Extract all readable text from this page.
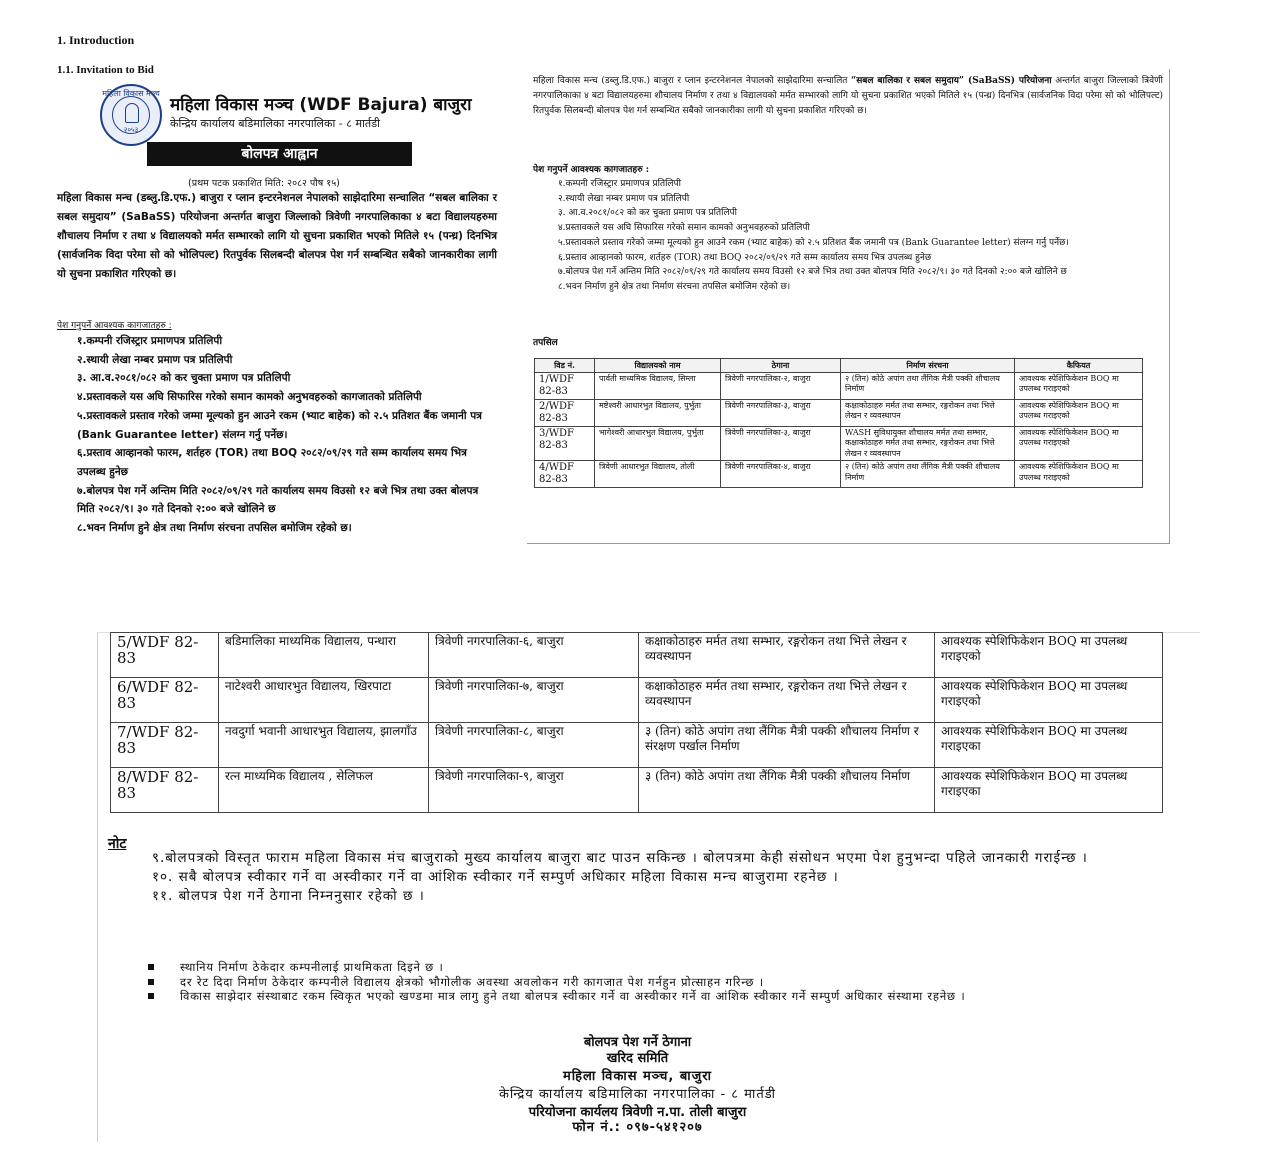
1. Introduction
1.1. Invitation to Bid
महिला विकास मञ्च
२०५३
महिला विकास मञ्च (WDF Bajura) बाजुरा
केन्द्रिय कार्यालय बडिमालिका नगरपालिका - ८ मार्तडी
बोलपत्र आह्वान
(प्रथम पटक प्रकाशित मिति: २०८२ पौष १५)
महिला विकास मन्च (डब्लु.डि.एफ.) बाजुरा र प्लान इन्टरनेशनल नेपालको साझेदारिमा सन्चालित “सबल बालिका र सबल समुदाय” (SaBaSS) परियोजना अन्तर्गत बाजुरा जिल्लाको त्रिवेणी नगरपालिकाका ४ बटा विद्यालयहरुमा शौचालय निर्माण र तथा ४ विद्यालयको मर्मत सम्भारको लागि यो सुचना प्रकाशित भएको मितिले १५ (पन्ध्र) दिनभित्र (सार्वजनिक विदा परेमा सो को भोलिपल्ट) रितपुर्वक सिलबन्दी बोलपत्र पेश गर्न सम्बन्धित सबैको जानकारीका लागी यो सुचना प्रकाशित गरिएको छ।
पेश गनुपर्ने आवश्यक कागजातहरु :
१.कम्पनी रजिस्ट्रार प्रमाणपत्र प्रतिलिपी
२.स्थायी लेखा नम्बर प्रमाण पत्र प्रतिलिपी
३. आ.व.२०८१/०८२ को कर चुक्ता प्रमाण पत्र प्रतिलिपी
४.प्रस्तावकले यस अघि सिफारिस गरेको समान कामको अनुभवहरुको कागजातको प्रतिलिपी
५.प्रस्तावकले प्रस्ताव गरेको जम्मा मूल्यको हुन आउने रकम (भ्याट बाहेक) को २.५ प्रतिशत बैंक जमानी पत्र (Bank Guarantee letter) संलग्न गर्नु पर्नेछ।
६.प्रस्ताव आव्हानको फारम, शर्तहरु (TOR) तथा BOQ २०८२/०९/२९ गते सम्म कार्यालय समय भित्र उपलब्ध हुनेछ
७.बोलपत्र पेश गर्ने अन्तिम मिति २०८२/०९/२९ गते कार्यालय समय विउसो १२ बजे भित्र तथा उक्त बोलपत्र मिति २०८२/९। ३० गते दिनको २:०० बजे खोलिने छ
८.भवन निर्माण हुने क्षेत्र तथा निर्माण संरचना तपसिल बमोजिम रहेको छ।
महिला विकास मन्च (डब्लु.डि.एफ.) बाजुरा र प्लान इन्टरनेशनल नेपालको साझेदारिमा सन्चालित “सबल बालिका र सबल समुदाय” (SaBaSS) परियोजना अन्तर्गत बाजुरा जिल्लाको त्रिवेणी नगरपालिकाका ४ बटा विद्यालयहरुमा शौचालय निर्माण र तथा ४ विद्यालयको मर्मत सम्भारको लागि यो सुचना प्रकाशित भएको मितिले १५ (पन्ध्र) दिनभित्र (सार्वजनिक विदा परेमा सो को भोलिपल्ट) रितपुर्वक सिलबन्दी बोलपत्र पेश गर्न सम्बन्धित सबैको जानकारीका लागी यो सुचना प्रकाशित गरिएको छ।
पेश गनुपर्ने आवश्यक कागजातहरु :
१.कम्पनी रजिस्ट्रार प्रमाणपत्र प्रतिलिपी
२.स्थायी लेखा नम्बर प्रमाण पत्र प्रतिलिपी
३. आ.व.२०८१/०८२ को कर चुक्ता प्रमाण पत्र प्रतिलिपी
४.प्रस्तावकले यस अघि सिफारिस गरेको समान कामको अनुभवहरुको प्रतिलिपी
५.प्रस्तावकले प्रस्ताव गरेको जम्मा मूल्यको हुन आउने रकम (भ्याट बाहेक) को २.५ प्रतिशत बैंक जमानी पत्र (Bank Guarantee letter) संलग्न गर्नु पर्नेछ।
६.प्रस्ताव आव्हानको फारम, शर्तहरु (TOR) तथा BOQ २०८२/०९/२९ गते सम्म कार्यालय समय भित्र उपलब्ध हुनेछ
७.बोलपत्र पेश गर्ने अन्तिम मिति २०८२/०९/२९ गते कार्यालय समय विउसो १२ बजे भित्र तथा उक्त बोलपत्र मिति २०८२/९। ३० गते दिनको २:०० बजे खोलिने छ
८.भवन निर्माण हुने क्षेत्र तथा निर्माण संरचना तपसिल बमोजिम रहेको छ।
तपसिल
विड नं.	विद्यालयको नाम	ठेगाना	निर्माण संरचना	कैफियत
1/WDF 82-83	पार्वती माध्यमिक विद्यालय, सिम्ला	त्रिवेणी नगरपालिका-२, बाजुरा	२ (तिन) कोठे अपांग तथा लैंगिक मैत्री पक्की शौचालय निर्माण	आवश्यक स्पेशिफिकेशन BOQ मा उपलब्ध गराइएको
2/WDF 82-83	मष्टेश्वरी आधारभुत विद्यालय, पुर्भुता	त्रिवेणी नगरपालिका-३, बाजुरा	कक्षाकोठाहरु मर्मत तथा सम्भार, रङ्गरोकन तथा भित्ते लेखन र व्यवस्थापन	आवश्यक स्पेशिफिकेशन BOQ मा उपलब्ध गराइएको
3/WDF 82-83	भागेश्वरी आधारभुत विद्यालय, पुर्भुता	त्रिवेणी नगरपालिका-३, बाजुरा	WASH सुविधायुक्त शौचालय मर्मत तथा सम्भार, कक्षाकोठाहरु मर्मत तथा सम्भार, रङ्गरोकन तथा भित्ते लेखन र व्यवस्थापन	आवश्यक स्पेशिफिकेशन BOQ मा उपलब्ध गराइएको
4/WDF 82-83	त्रिवेणी आधारभुत विद्यालय, तोली	त्रिवेणी नगरपालिका-४, बाजुरा	२ (तिन) कोठे अपांग तथा लैंगिक मैत्री पक्की शौचालय निर्माण	आवश्यक स्पेशिफिकेशन BOQ मा उपलब्ध गराइएको
5/WDF 82-83	बडिमालिका माध्यमिक विद्यालय, पन्धारा	त्रिवेणी नगरपालिका-६, बाजुरा	कक्षाकोठाहरु मर्मत तथा सम्भार, रङ्गरोकन तथा भित्ते लेखन र व्यवस्थापन	आवश्यक स्पेशिफिकेशन BOQ मा उपलब्ध गराइएको
6/WDF 82-83	नाटेश्वरी आधारभुत विद्यालय, खिरपाटा	त्रिवेणी नगरपालिका-७, बाजुरा	कक्षाकोठाहरु मर्मत तथा सम्भार, रङ्गरोकन तथा भित्ते लेखन र व्यवस्थापन	आवश्यक स्पेशिफिकेशन BOQ मा उपलब्ध गराइएको
7/WDF 82-83	नवदुर्गा भवानी आधारभुत विद्यालय, झालगाँउ	त्रिवेणी नगरपालिका-८, बाजुरा	३ (तिन) कोठे अपांग तथा लैंगिक मैत्री पक्की शौचालय निर्माण र संरक्षण पर्खाल निर्माण	आवश्यक स्पेशिफिकेशन BOQ मा उपलब्ध गराइएका
8/WDF 82-83	रत्न माध्यमिक विद्यालय , सेलिफल	त्रिवेणी नगरपालिका-९, बाजुरा	३ (तिन) कोठे अपांग तथा लैंगिक मैत्री पक्की शौचालय निर्माण	आवश्यक स्पेशिफिकेशन BOQ मा उपलब्ध गराइएका
नोट
९.बोलपत्रको विस्तृत फाराम महिला विकास मंच बाजुराको मुख्य कार्यालय बाजुरा बाट पाउन सकिन्छ । बोलपत्रमा केही संसोधन भएमा पेश हुनुभन्दा पहिले जानकारी गराईन्छ ।
१०. सबै बोलपत्र स्वीकार गर्ने वा अस्वीकार गर्ने वा आंशिक स्वीकार गर्ने सम्पुर्ण अधिकार महिला विकास मन्च बाजुरामा रहनेछ ।
११. बोलपत्र पेश गर्ने ठेगाना निम्ननुसार रहेको छ ।
स्थानिय निर्माण ठेकेदार कम्पनीलाई प्राथमिकता दिइने छ ।
दर रेट दिदा निर्माण ठेकेदार कम्पनीले विद्यालय क्षेत्रको भौगोलीक अवस्था अवलोकन गरी कागजात पेश गर्नहुन प्रोत्साहन गरिन्छ ।
विकास साझेदार संस्थाबाट रकम स्विकृत भएको खण्डमा मात्र लागु हुने तथा बोलपत्र स्वीकार गर्ने वा अस्वीकार गर्ने वा आंशिक स्वीकार गर्ने सम्पुर्ण अधिकार संस्थामा रहनेछ ।
बोलपत्र पेश गर्ने ठेगाना
खरिद समिति
महिला विकास मञ्च, बाजुरा
केन्द्रिय कार्यालय बडिमालिका नगरपालिका - ८ मार्तडी
परियोजना कार्यलय त्रिवेणी न.पा. तोली बाजुरा
फोन नं.: ०९७-५४१२०७
